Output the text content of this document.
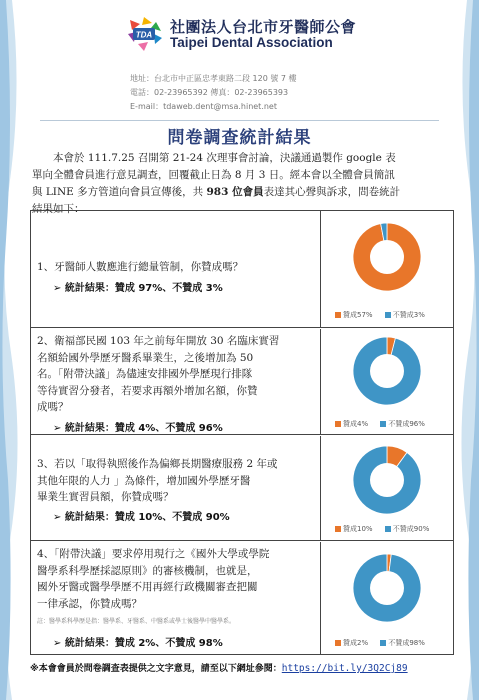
TDA 社團法人台北市牙醫師公會
Taipei Dental Association
地址：台北市中正區忠孝東路二段 120 號 7 樓
電話：02-23965392 傳真：02-23965393
E-mail：tdaweb.dent@msa.hinet.net
問卷調查統計結果
本會於 111.7.25 召開第 21-24 次理事會討論，決議通過製作 google 表
單向全體會員進行意見調查，回覆截止日為 8 月 3 日。經本會以全體會員簡訊
與 LINE 多方管道向會員宣傳後，共 983 位會員表達其心聲與訴求，問卷統計
結果如下：
1、牙醫師人數應進行總量管制，你贊成嗎？
➢ 統計結果：贊成 97%、不贊成 3%
贊成57%	不贊成3%
2、衛福部民國 103 年之前每年開放 30 名臨床實習
名額給國外學歷牙醫系畢業生，之後增加為 50
名。「附帶決議」為儘速安排國外學歷現行排隊
等待實習分發者，若要求再額外增加名額，你贊
成嗎？
➢ 統計結果：贊成 4%、不贊成 96%	贊成4%	不贊成96%
3、若以「取得執照後作為偏鄉長期醫療服務 2 年或
其他年限的人力 」為條件，增加國外學歷牙醫
畢業生實習員額，你贊成嗎？
➢ 統計結果：贊成 10%、不贊成 90%
贊成10%	不贊成90%
4、「附帶決議」要求停用現行之《國外大學或學院
醫學系科學歷採認原則》的審核機制，也就是，
國外牙醫或醫學學歷不用再經行政機關審查把關
一律承認，你贊成嗎？
註：醫學系科學歷是指：醫學系、牙醫系、中醫系或學士後醫學中醫學系。
➢ 統計結果：贊成 2%、不贊成 98%	贊成2%	不贊成98%
※本會會員於問卷調查表提供之文字意見，請至以下網址參閱：https://bit.ly/3Q2Cj89
